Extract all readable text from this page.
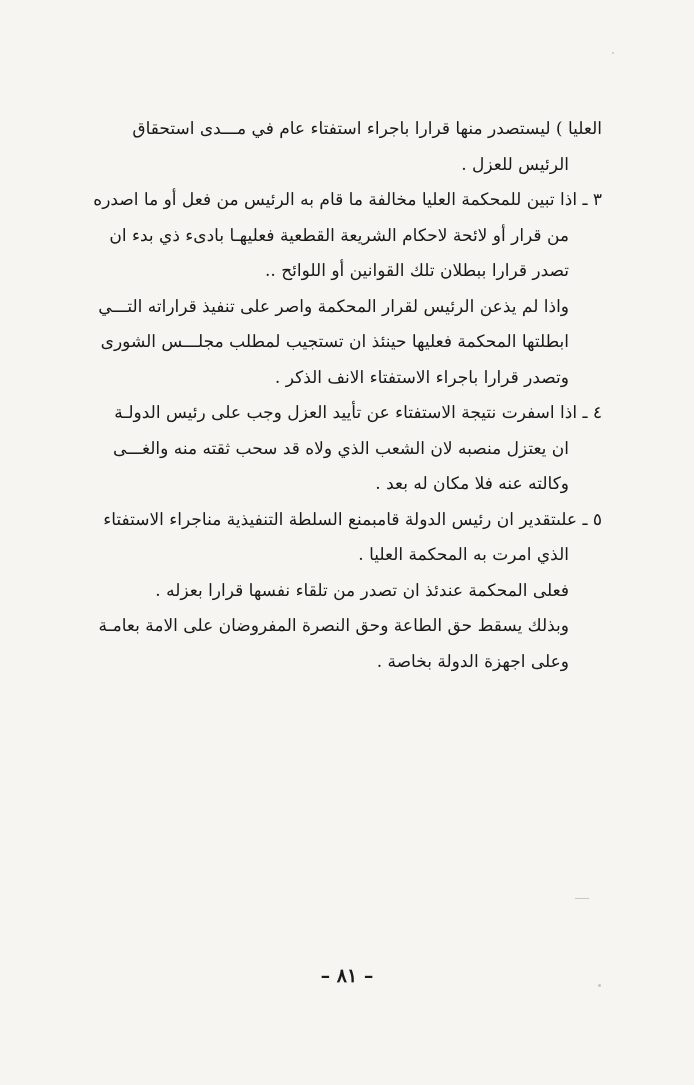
العليا ) ليستصدر منها قرارا باجراء استفتاء عام في مـــدى استحقاق
الرئيس للعزل .
٣ ـ اذا تبين للمحكمة العليا مخالفة ما قام به الرئيس من فعل أو ما اصدره
من قرار أو لائحة لاحكام الشريعة القطعية فعليهـا بادىء ذي بدء ان
تصدر قرارا ببطلان تلك القوانين أو اللوائح ..
واذا لم يذعن الرئيس لقرار المحكمة واصر على تنفيذ قراراته التـــي
ابطلتها المحكمة فعليها حينئذ ان تستجيب لمطلب مجلـــس الشورى
وتصدر قرارا باجراء الاستفتاء الانف الذكر .
٤ ـ اذا اسفرت نتيجة الاستفتاء عن تأييد العزل وجب على رئيس الدولـة
ان يعتزل منصبه لان الشعب الذي ولاه قد سحب ثقته منه والغـــى
وكالته عنه فلا مكان له بعد .
٥ ـ علىتقدير ان رئيس الدولة قامبمنع السلطة التنفيذية مناجراء الاستفتاء
الذي امرت به المحكمة العليا .
فعلى المحكمة عندئذ ان تصدر من تلقاء نفسها قرارا بعزله .
وبذلك يسقط حق الطاعة وحق النصرة المفروضان على الامة بعامـة
وعلى اجهزة الدولة بخاصة .
– ٨١ –
